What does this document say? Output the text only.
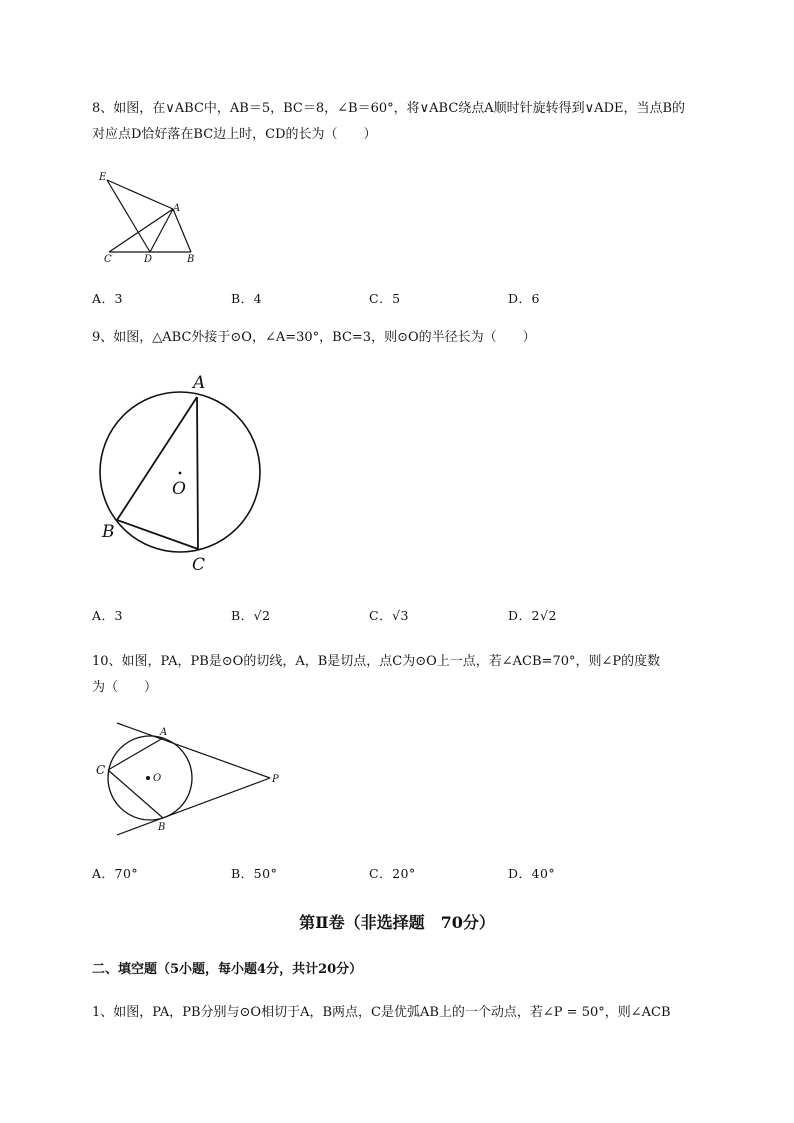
8、如图，在∨ABC中，AB＝5，BC＝8，∠B＝60°，将∨ABC绕点A顺时针旋转得到∨ADE，当点B的
对应点D恰好落在BC边上时，CD的长为（　　）
E
A
C	D	B
A．3	B．4	C．5	D．6
9、如图，△ABC外接于⊙O，∠A=30°，BC=3，则⊙O的半径长为（　　）
A
O
B
C
A．3	B．√2	C．√3	D．2√2
10、如图，PA，PB是⊙O的切线，A，B是切点，点C为⊙O上一点，若∠ACB=70°，则∠P的度数
为（　　）
A
C
O	P
B
A．70°	B．50°	C．20°	D．40°
第Ⅱ卷（非选择题　70分）
二、填空题（5小题，每小题4分，共计20分）
1、如图，PA，PB分别与⊙O相切于A，B两点，C是优弧AB上的一个动点，若∠P = 50°，则∠ACB
